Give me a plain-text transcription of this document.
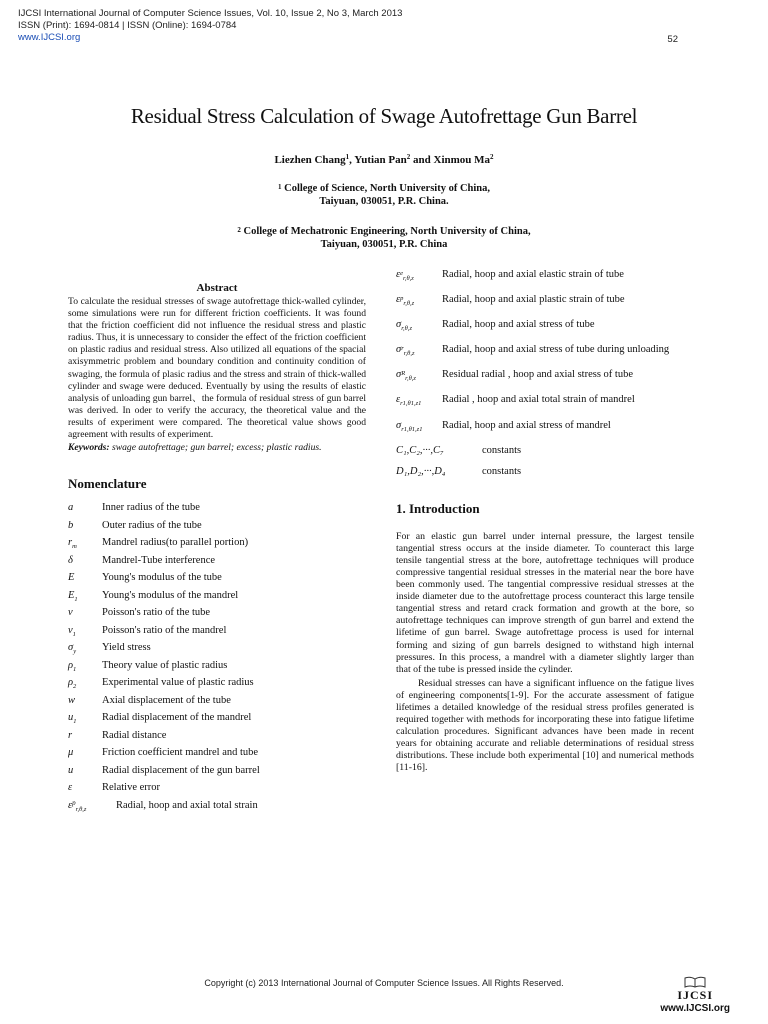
IJCSI International Journal of Computer Science Issues, Vol. 10, Issue 2, No 3, March 2013
ISSN (Print): 1694-0814 | ISSN (Online): 1694-0784
www.IJCSI.org	52
Residual Stress Calculation of Swage Autofrettage Gun Barrel
Liezhen Chang$^1$, Yutian Pan$^2$ and Xinmou Ma$^2$
$^1$ College of Science, North University of China,
Taiyuan, 030051, P.R. China.
$^2$ College of Mechatronic Engineering, North University of China,
Taiyuan, 030051, P.R. China
Abstract

To calculate the residual stresses of swage autofrettage thick-walled cylinder, some simulations were run for different friction coefficients. It was found that the friction coefficient did not influence the residual stress and plastic radius. Thus, it is unnecessary to consider the effect of the friction coefficient on plastic radius and residual stress. Also utilized all equations of the spacial axisymmetric problem and boundary condition and continuity condition of swaging, the formula of plasic radius and the stress and strain of thick-walled cylinder and swage were deduced. Eventually by using the results of elastic analysis of unloading gun barrel、the formula of residual stress of gun barrel was derived. In oder to verify the accuracy, the theoretical value and the results of experiment were compared. The theoretical value shows good agreement with results of experiment.

Keywords: swage autofrettage; gun barrel; excess; plastic radius.

Nomenclature
a	Inner radius of the tube
b	Outer radius of the tube
$r_m$	Mandrel radius(to parallel portion)
δ	Mandrel-Tube interference
E	Young's modulus of the tube
$E_1$	Young's modulus of the mandrel
ν	Poisson's ratio of the tube
$\nu_1$	Poisson's ratio of the mandrel
$\sigma_y$	Yield stress
$\rho_1$	Theory value of plastic radius
$\rho_2$	Experimental value of plastic radius
w	Axial displacement of the tube
$u_1$	Radial displacement of the mandrel
r	Radial distance
μ	Friction coefficient mandrel and tube
u	Radial displacement of the gun barrel
ε	Relative error
$\varepsilon^p_{r,\theta,z}$	Radial, hoop and axial total strain
$\varepsilon^e_{r,\theta,z}$	Radial, hoop and axial elastic strain of tube
$\varepsilon^p_{r,\theta,z}$	Radial, hoop and axial plastic strain of tube
$\sigma_{r,\theta,z}$	Radial, hoop and axial stress of tube
$\sigma^r_{r,\theta,z}$	Radial, hoop and axial stress of tube during unloading
$\sigma^R_{r,\theta,z}$	Residual radial , hoop and axial stress of tube
$\varepsilon_{r1,\theta 1,z1}$	Radial , hoop and axial total strain of mandrel
$\sigma_{r1,\theta 1,z1}$	Radial, hoop and axial stress of mandrel
C₁,C₂,···,C₇	constants
D₁,D₂,···,D₄	constants
1. Introduction

For an elastic gun barrel under internal pressure, the largest tensile tangential stress occurs at the inside diameter. To counteract this large tensile tangential stress at the bore, autofrettage techniques will produce compressive tangential residual stresses in the material near the bore have been commonly used. The tangential compressive residual stresses at the inside diameter due to the autofrettage process counteract this large tensile tangential stress and retard crack formation and growth at the bore, so autofrettage techniques can improve strength of gun barrel and extend the lifetime of gun barrel. Swage autofrettage process is used for internal forming and sizing of gun barrels designed to withstand high internal pressures. In this process, a mandrel with a diameter slightly larger than that of the tube is pressed inside the cylinder.

Residual stresses can have a significant influence on the fatigue lives of engineering components[1-9]. For the accurate assessment of fatigue lifetimes a detailed knowledge of the residual stress profiles generated is required together with methods for incorporating these into fatigue lifetime calculation procedures. Significant advances have been made in recent years for obtaining accurate and reliable determinations of residual stress distributions. These include both experimental [10] and numerical methods [11-16].

Copyright (c) 2013 International Journal of Computer Science Issues. All Rights Reserved.
IJCSI
www.IJCSI.org
